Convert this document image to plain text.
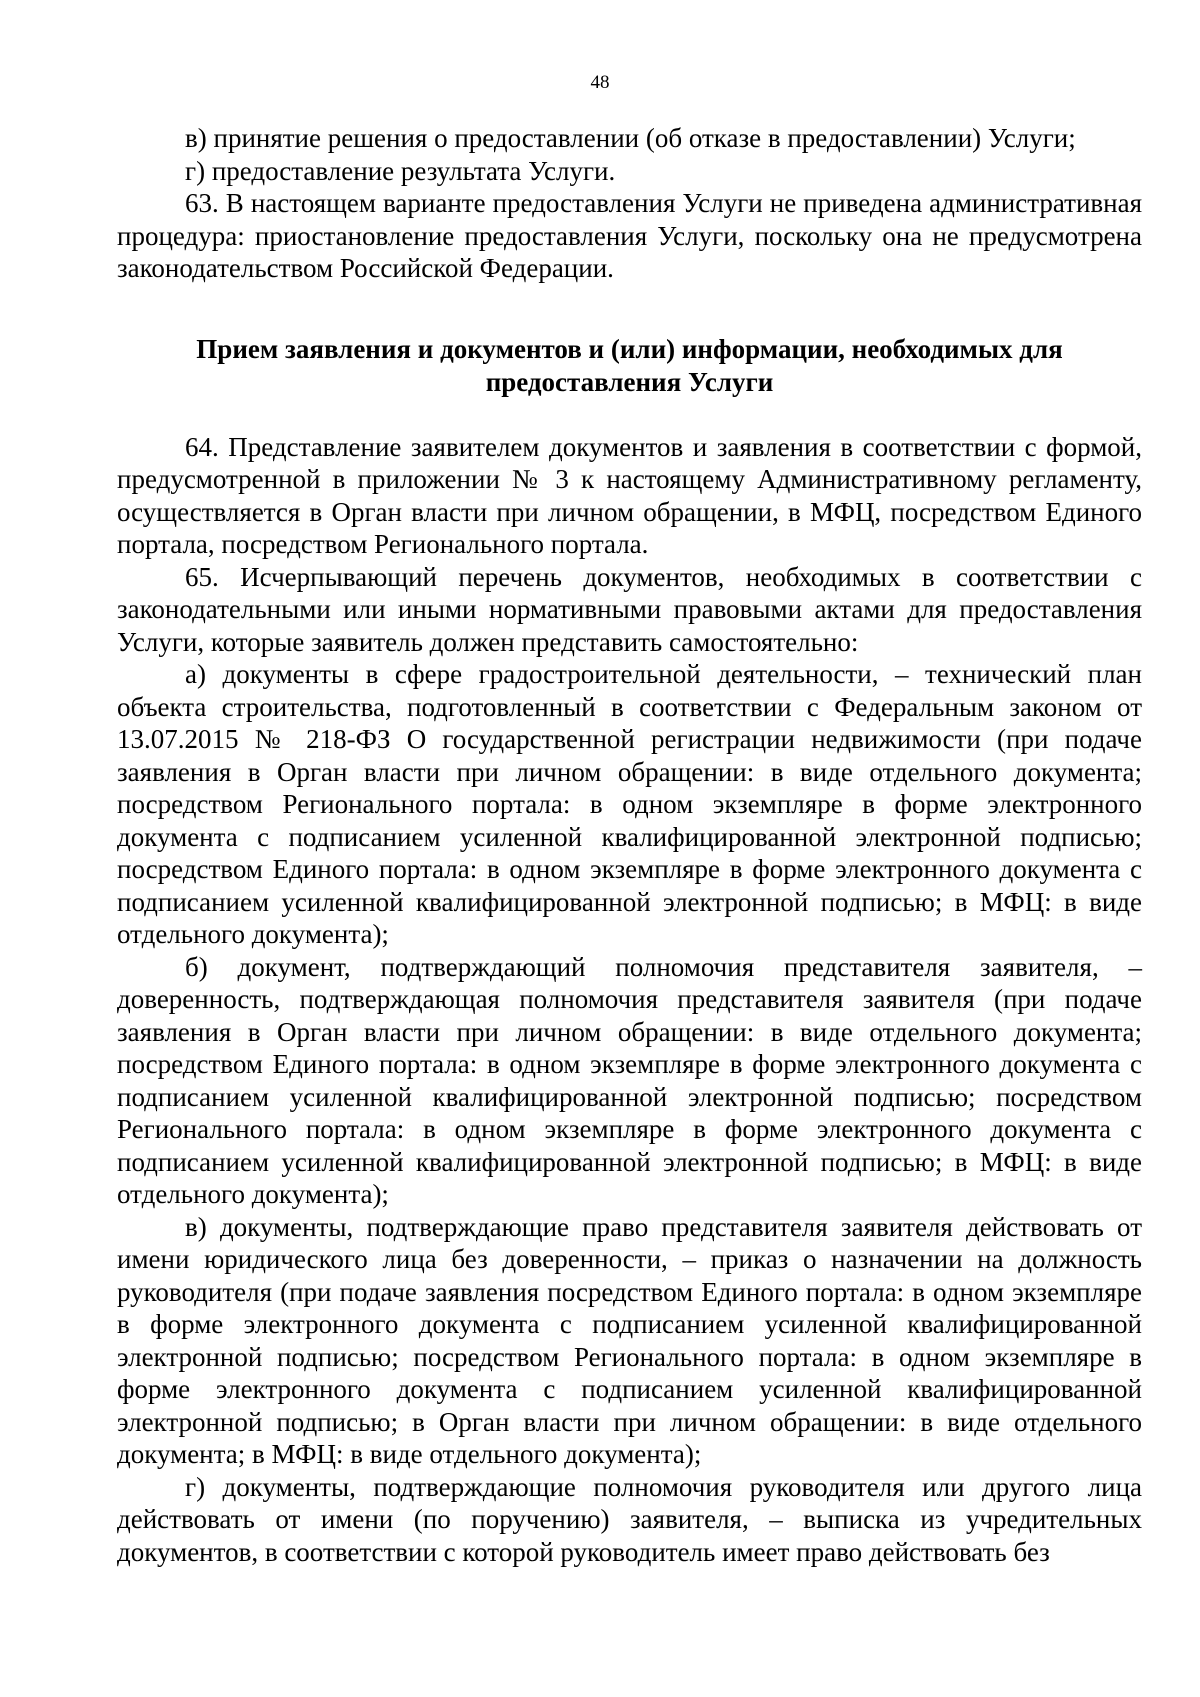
48

в) принятие решения о предоставлении (об отказе в предоставлении) Услуги;

г) предоставление результата Услуги.

63. В настоящем варианте предоставления Услуги не приведена административная процедура: приостановление предоставления Услуги, поскольку она не предусмотрена законодательством Российской Федерации.

Прием заявления и документов и (или) информации, необходимых для предоставления Услуги

64. Представление заявителем документов и заявления в соответствии с формой, предусмотренной в приложении № 3 к настоящему Административному регламенту, осуществляется в Орган власти при личном обращении, в МФЦ, посредством Единого портала, посредством Регионального портала.

65. Исчерпывающий перечень документов, необходимых в соответствии с законодательными или иными нормативными правовыми актами для предоставления Услуги, которые заявитель должен представить самостоятельно:

а) документы в сфере градостроительной деятельности, – технический план объекта строительства, подготовленный в соответствии с Федеральным законом от 13.07.2015 № 218-ФЗ О государственной регистрации недвижимости (при подаче заявления в Орган власти при личном обращении: в виде отдельного документа; посредством Регионального портала: в одном экземпляре в форме электронного документа с подписанием усиленной квалифицированной электронной подписью; посредством Единого портала: в одном экземпляре в форме электронного документа с подписанием усиленной квалифицированной электронной подписью; в МФЦ: в виде отдельного документа);

б) документ, подтверждающий полномочия представителя заявителя, – доверенность, подтверждающая полномочия представителя заявителя (при подаче заявления в Орган власти при личном обращении: в виде отдельного документа; посредством Единого портала: в одном экземпляре в форме электронного документа с подписанием усиленной квалифицированной электронной подписью; посредством Регионального портала: в одном экземпляре в форме электронного документа с подписанием усиленной квалифицированной электронной подписью; в МФЦ: в виде отдельного документа);

в) документы, подтверждающие право представителя заявителя действовать от имени юридического лица без доверенности, – приказ о назначении на должность руководителя (при подаче заявления посредством Единого портала: в одном экземпляре в форме электронного документа с подписанием усиленной квалифицированной электронной подписью; посредством Регионального портала: в одном экземпляре в форме электронного документа с подписанием усиленной квалифицированной электронной подписью; в Орган власти при личном обращении: в виде отдельного документа; в МФЦ: в виде отдельного документа);

г) документы, подтверждающие полномочия руководителя или другого лица действовать от имени (по поручению) заявителя, – выписка из учредительных документов, в соответствии с которой руководитель имеет право действовать без
